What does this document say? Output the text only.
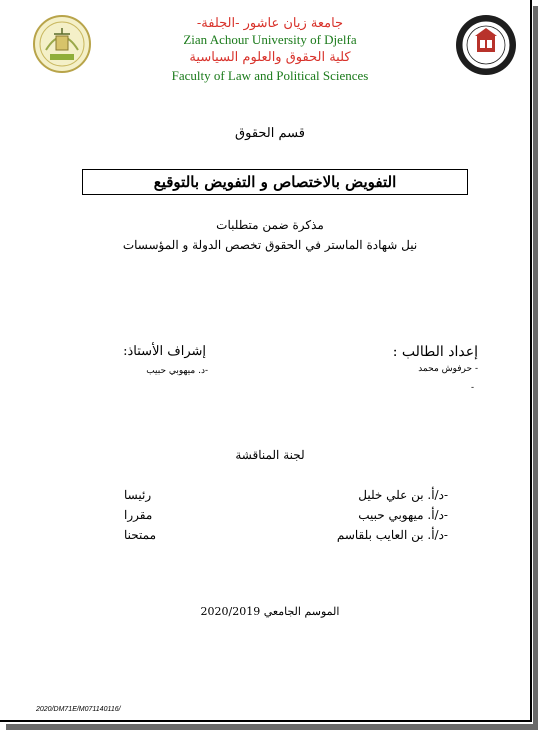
جامعة زيان عاشور -الجلفة-
Zian Achour University of Djelfa
كلية الحقوق والعلوم السياسية
Faculty of Law and Political Sciences
قسم الحقوق
التفويض بالاختصاص و التفويض بالتوقيع
مذكرة ضمن متطلبات
نيل شهادة الماستر في الحقوق تخصص الدولة و المؤسسات
إعداد الطالب :
- حرفوش محمد
-
إشراف الأستاذ:
-د. ميهوبي حبيب
لجنة المناقشة
-د/أ. بن علي خليل
رئيسا
-د/أ. ميهوبي حبيب
مقررا
-د/أ. بن العايب بلقاسم
ممتحنا
الموسم الجامعي 2020/2019
2020/DM71E/M071140116/
